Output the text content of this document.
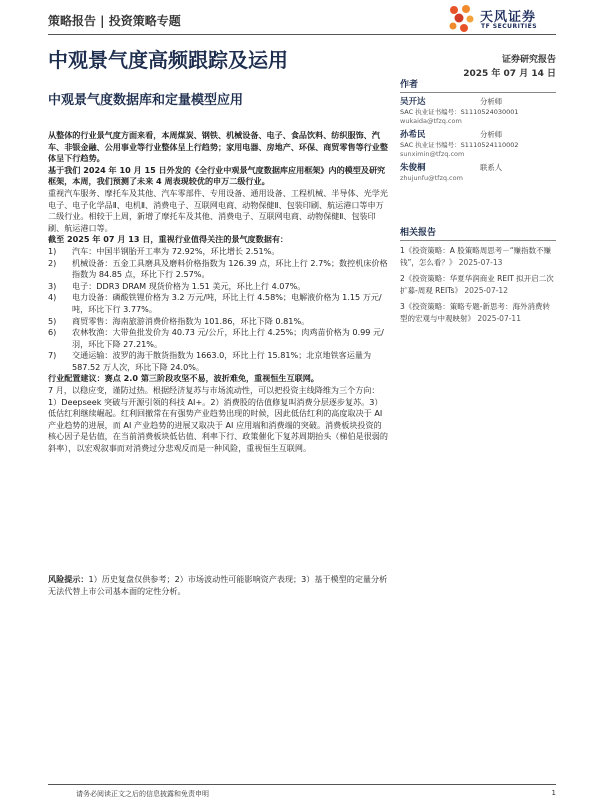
策略报告 | 投资策略专题	天风证券
TF SECURITIES
中观景气度高频跟踪及运用	证券研究报告
2025 年 07 月 14 日
中观景气度数据库和定量模型应用

从整体的行业景气度方面来看，本周煤炭、钢铁、机械设备、电子、食品饮料、纺织服饰、汽车、非银金融、公用事业等行业整体呈上行趋势；家用电器、房地产、环保、商贸零售等行业整体呈下行趋势。

基于我们 2024 年 10 月 15 日外发的《全行业中观景气度数据库应用框架》内的模型及研究框架，本周，我们预测了未来 4 周表现较优的申万二级行业。

重视汽车服务、摩托车及其他、汽车零部件、专用设备、通用设备、工程机械、半导体、光学光电子、电子化学品Ⅱ、电机Ⅱ、消费电子、互联网电商、动物保健Ⅱ、包装印刷、航运港口等申万二级行业。相较于上周，新增了摩托车及其他、消费电子、互联网电商、动物保健Ⅱ、包装印刷、航运港口等。

截至 2025 年 07 月 13 日，重视行业值得关注的景气度数据有：

1)	汽车：中国半钢胎开工率为 72.92%，环比增长 2.51%。
2)	机械设备：五金工具磨具及磨料价格指数为 126.39 点，环比上行 2.7%；数控机床价格指数为 84.85 点，环比下行 2.57%。
3)	电子：DDR3 DRAM 现货价格为 1.51 美元，环比上行 4.07%。
4)	电力设备：磷酸铁锂价格为 3.2 万元/吨，环比上行 4.58%；电解液价格为 1.15 万元/吨，环比下行 3.77%。
5)	商贸零售：海南旅游消费价格指数为 101.86，环比下降 0.81%。
6)	农林牧渔：大带鱼批发价为 40.73 元/公斤，环比上行 4.25%；肉鸡苗价格为 0.99 元/羽，环比下降 27.21%。
7)	交通运输：波罗的海干散货指数为 1663.0，环比上行 15.81%；北京地铁客运量为 587.52 万人次，环比下降 24.0%。

行业配置建议：赛点 2.0 第三阶段攻坚不易，波折难免，重视恒生互联网。

7 月，以稳应变，谨防过热。根据经济复苏与市场流动性，可以把投资主线降维为三个方向：1）Deepseek 突破与开源引领的科技 AI+。2）消费股的估值修复叫消费分层逐步复苏。3）低估红利继续崛起。红利回撤常在有强势产业趋势出现的时候，因此低估红利的高度取决于 AI 产业趋势的进展，而 AI 产业趋势的进展又取决于 AI 应用端和消费端的突破。消费板块投资的核心因子是估值，在当前消费板块低估值、利率下行、政策催化下复苏周期抬头（梯伯是很弱的斜率），以宏观叙事而对消费过分悲观反而是一种风险，重视恒生互联网。

风险提示：1）历史复盘仅供参考；2）市场波动性可能影响资产表现；3）基于模型的定量分析无法代替上市公司基本面的定性分析。
作者
吴开达	分析师
SAC 执业证书编号：S1110524030001
wukaida@tfzq.com
孙希民	分析师
SAC 执业证书编号：S1110524110002
sunximin@tfzq.com
朱俊桐	联系人
zhujunfu@tfzq.com
相关报告
1《投资策略：A 股策略周思考－“赚指数不赚钱”，怎么看？》 2025-07-13
2《投资策略：华夏华润商业 REIT 拟开启二次扩募-周观 REITs》 2025-07-12
3《投资策略：策略专题-新思考：海外消费转型的宏观与中观映射》 2025-07-11
请务必阅读正文之后的信息披露和免责申明	1
